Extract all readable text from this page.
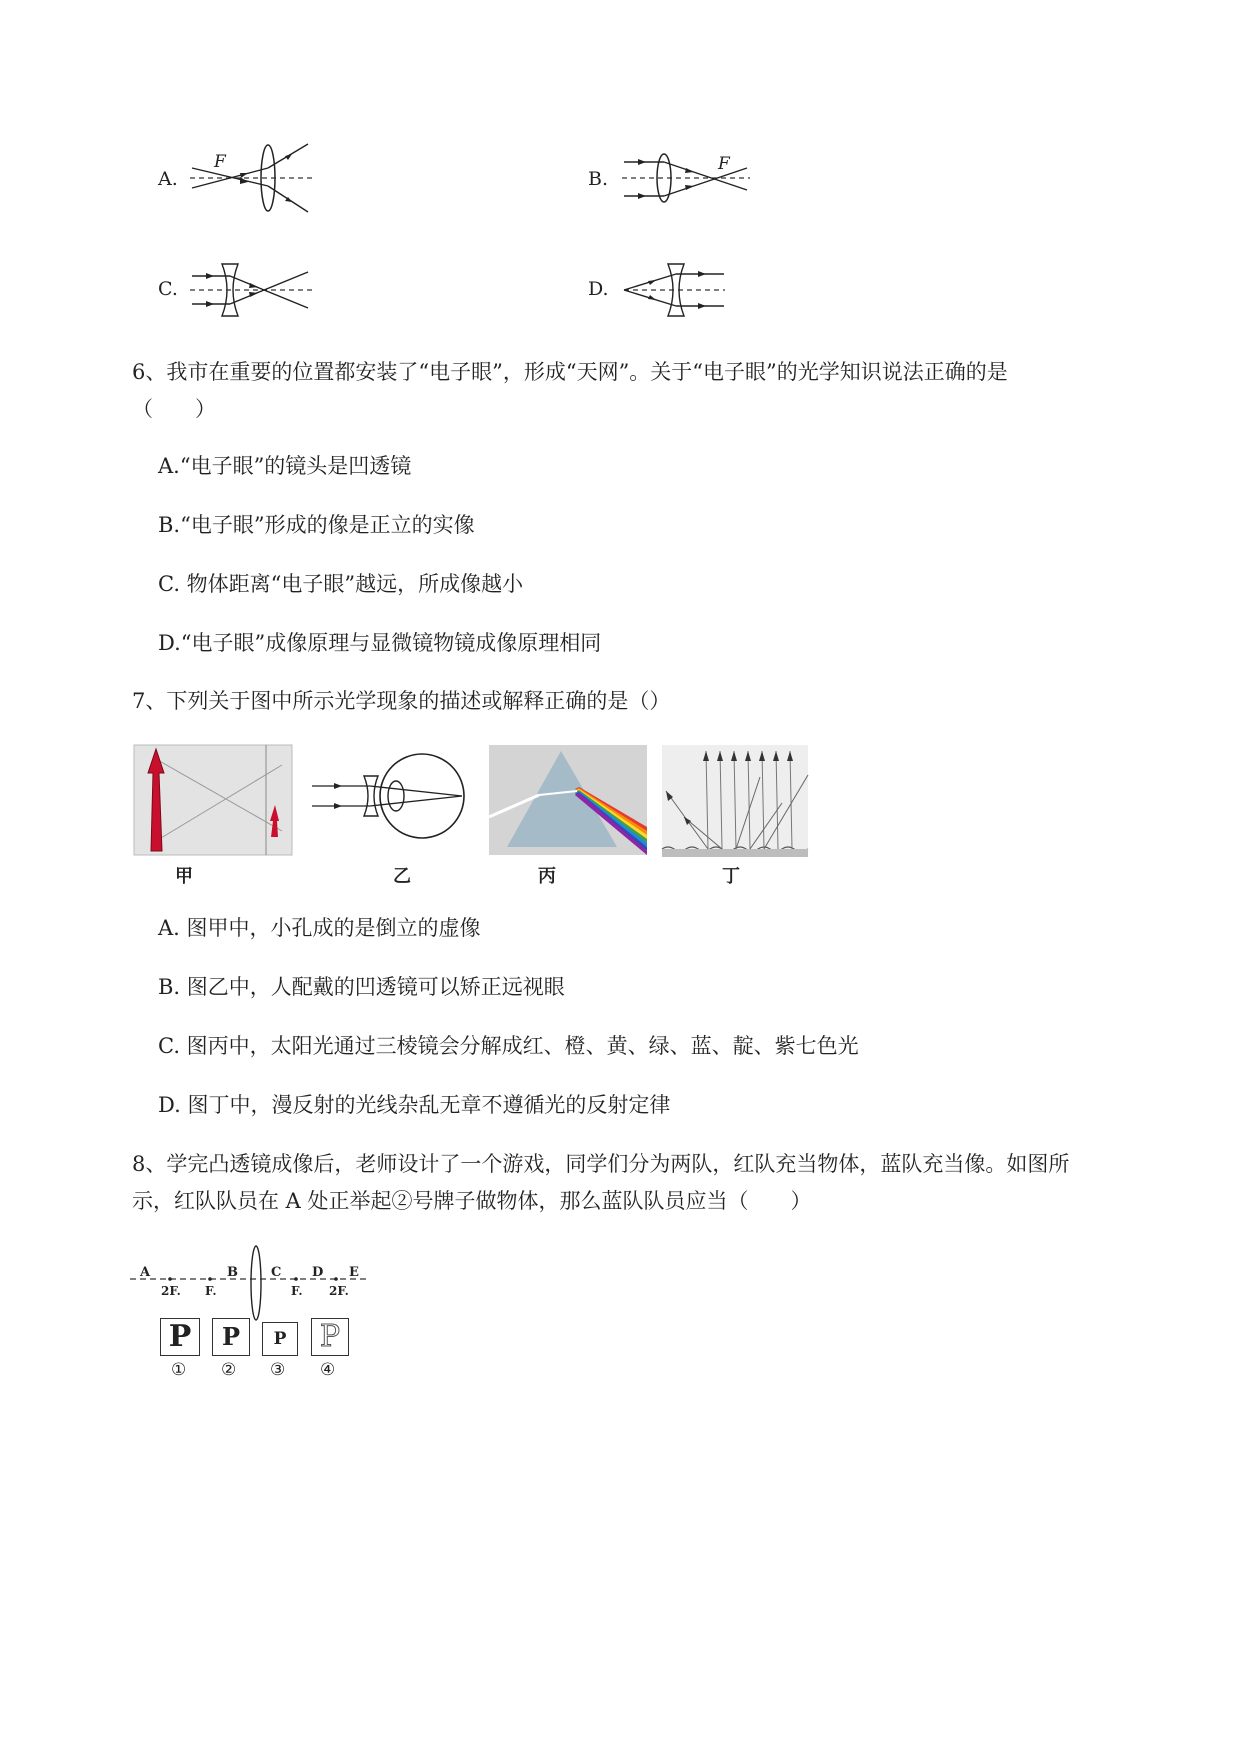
A.
F
B.
F
C.	D.
6、我市在重要的位置都安装了“电子眼”，形成“天网”。关于“电子眼”的光学知识说法正确的是
（　　）
A.“电子眼”的镜头是凹透镜
B.“电子眼”形成的像是正立的实像
C. 物体距离“电子眼”越远，所成像越小
D.“电子眼”成像原理与显微镜物镜成像原理相同
7、下列关于图中所示光学现象的描述或解释正确的是（）
甲	乙	丙	丁
A. 图甲中，小孔成的是倒立的虚像
B. 图乙中，人配戴的凹透镜可以矫正远视眼
C. 图丙中，太阳光通过三棱镜会分解成红、橙、黄、绿、蓝、靛、紫七色光
D. 图丁中，漫反射的光线杂乱无章不遵循光的反射定律
8、学完凸透镜成像后，老师设计了一个游戏，同学们分为两队，红队充当物体，蓝队充当像。如图所
示，红队队员在 A 处正举起②号牌子做物体，那么蓝队队员应当（　　）
A	B	C D E
2F. F.	F. 2F.
P	P	P	P
① ② ③ ④
